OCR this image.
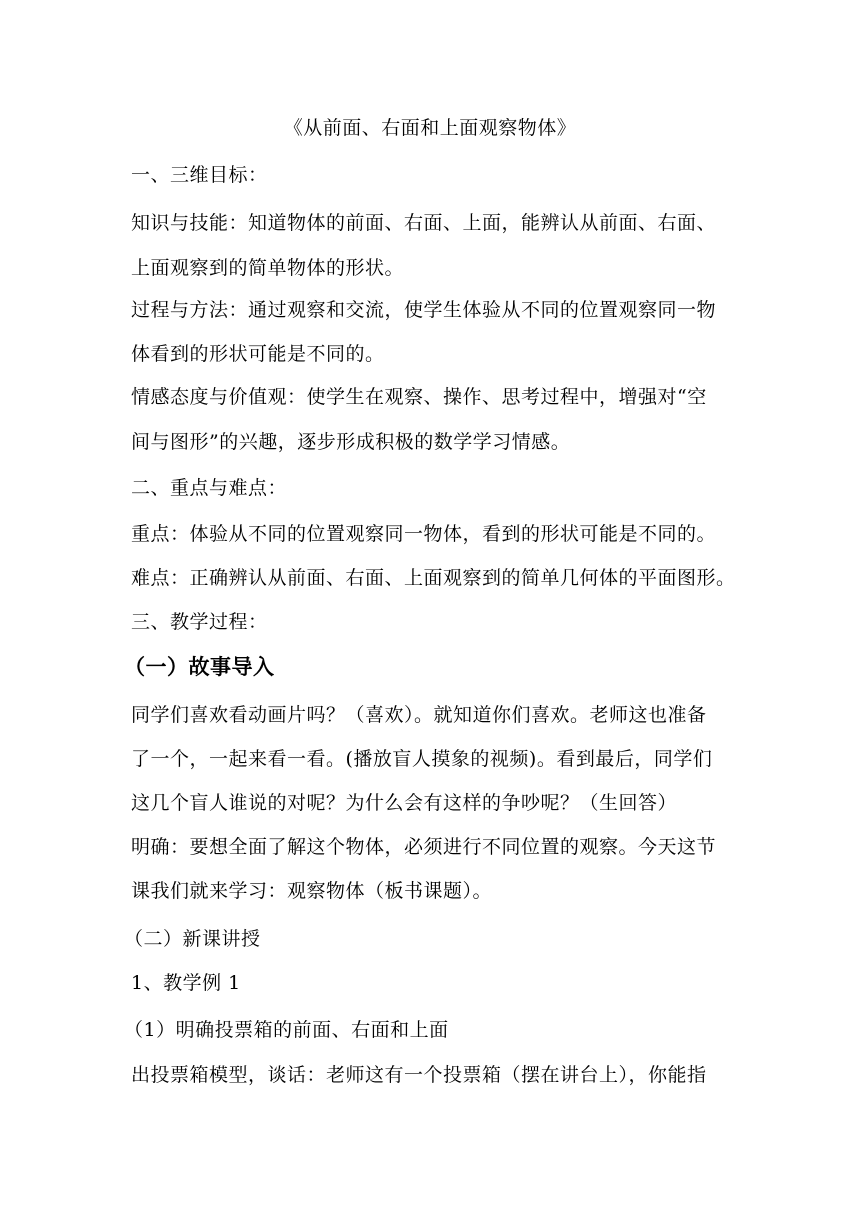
《从前面、右面和上面观察物体》
一、三维目标：
知识与技能：知道物体的前面、右面、上面，能辨认从前面、右面、
上面观察到的简单物体的形状。
过程与方法：通过观察和交流，使学生体验从不同的位置观察同一物
体看到的形状可能是不同的。
情感态度与价值观：使学生在观察、操作、思考过程中，增强对“空
间与图形”的兴趣，逐步形成积极的数学学习情感。
二、重点与难点：
重点：体验从不同的位置观察同一物体，看到的形状可能是不同的。
难点：正确辨认从前面、右面、上面观察到的简单几何体的平面图形。
三、教学过程：
（一）故事导入
同学们喜欢看动画片吗？（喜欢）。就知道你们喜欢。老师这也准备
了一个，一起来看一看。(播放盲人摸象的视频)。看到最后，同学们
这几个盲人谁说的对呢？为什么会有这样的争吵呢？（生回答）
明确：要想全面了解这个物体，必须进行不同位置的观察。今天这节
课我们就来学习：观察物体（板书课题）。
（二）新课讲授
1、教学例 1
（1）明确投票箱的前面、右面和上面
出投票箱模型，谈话：老师这有一个投票箱（摆在讲台上），你能指
